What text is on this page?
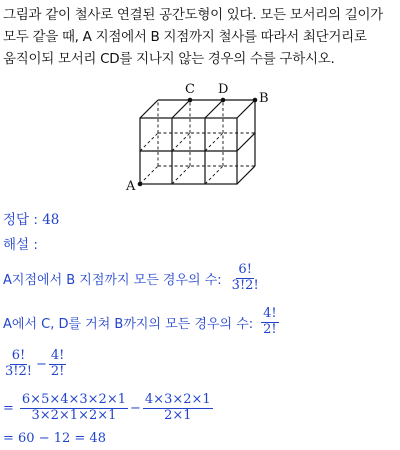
그림과 같이 철사로 연결된 공간도형이 있다. 모든 모서리의 길이가
모두 같을 때, A 지점에서 B 지점까지 철사를 따라서 최단거리로
움직이되 모서리 CD를 지나지 않는 경우의 수를 구하시오.
A
B
C D
정답 : 48
해설 :
A지점에서 B 지점까지 모든 경우의 수: $\frac{6!}{3!2!}$
A에서 C, D를 거쳐 B까지의 모든 경우의 수: $\frac{4!}{2!}$
$\frac{6!}{3!2!} - \frac{4!}{2!}$
= $\frac{6\times 5\times 4\times 3\times 2\times 1}{3\times 2\times 1\times 2\times 1} - \frac{4\times 3\times 2\times 1}{2\times 1}$
= 60 − 12 = 48
